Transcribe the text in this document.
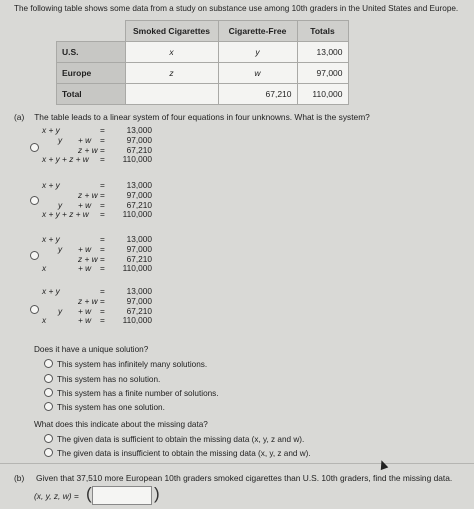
The following table shows some data from a study on substance use among 10th graders in the United States and Europe.
	Smoked Cigarettes	Cigarette-Free	Totals
U.S.	x	y	13,000
Europe	z	w	97,000
Total		67,210	110,000
(a) The table leads to a linear system of four equations in four unknowns. What is the system?
x + y	=	13,000
y + w =	97,000
z + w =	67,210
x + y + z + w =	110,000
x + y	=	13,000
z + w =	97,000
y + w =	67,210
x + y + z + w =	110,000
x + y	=	13,000
y + w =	97,000
z + w =	67,210
x	+ w =	110,000
x + y	=	13,000
z + w =	97,000
y + w =	67,210
x	+ w =	110,000
Does it have a unique solution?
This system has infinitely many solutions.
This system has no solution.
This system has a finite number of solutions.
This system has one solution.
What does this indicate about the missing data?
The given data is sufficient to obtain the missing data (x, y, z and w).
The given data is insufficient to obtain the missing data (x, y, z and w).
(b) Given that 37,510 more European 10th graders smoked cigarettes than U.S. 10th graders, find the missing data.
(x, y, z, w) = (	)
